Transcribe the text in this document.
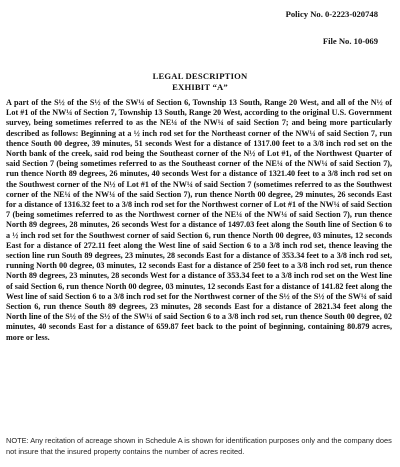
Policy No. 0-2223-020748
File No. 10-069
LEGAL DESCRIPTION
EXHIBIT “A”

A part of the S½ of the S½ of the SW¼ of Section 6, Township 13 South, Range 20 West, and all of the N½ of Lot #1 of the NW¼ of Section 7, Township 13 South, Range 20 West, according to the original U.S. Government survey, being sometimes referred to as the NE¼ of the NW¼ of said Section 7; and being more particularly described as follows: Beginning at a ½ inch rod set for the Northeast corner of the NW¼ of said Section 7, run thence South 00 degree, 39 minutes, 51 seconds West for a distance of 1317.00 feet to a 3/8 inch rod set on the North bank of the creek, said rod being the Southeast corner of the N½ of Lot #1, of the Northwest Quarter of said Section 7 (being sometimes referred to as the Southeast corner of the NE¼ of the NW¼ of said Section 7), run thence North 89 degrees, 26 minutes, 40 seconds West for a distance of 1321.40 feet to a 3/8 inch rod set on the Southwest corner of the N½ of Lot #1 of the NW¼ of said Section 7 (sometimes referred to as the Southwest corner of the NE¼ of the NW¼ of the said Section 7), run thence North 00 degree, 29 minutes, 26 seconds East for a distance of 1316.32 feet to a 3/8 inch rod set for the Northwest corner of Lot #1 of the NW¼ of said Section 7 (being sometimes referred to as the Northwest corner of the NE¼ of the NW¼ of said Section 7), run thence North 89 degrees, 28 minutes, 26 seconds West for a distance of 1497.03 feet along the South line of Section 6 to a ½ inch rod set for the Southwest corner of said Section 6, run thence North 00 degree, 03 minutes, 12 seconds East for a distance of 272.11 feet along the West line of said Section 6 to a 3/8 inch rod set, thence leaving the section line run South 89 degrees, 23 minutes, 28 seconds East for a distance of 353.34 feet to a 3/8 inch rod set, running North 00 degree, 03 minutes, 12 seconds East for a distance of 250 feet to a 3/8 inch rod set, run thence North 89 degrees, 23 minutes, 28 seconds West for a distance of 353.34 feet to a 3/8 inch rod set on the West line of said Section 6, run thence North 00 degree, 03 minutes, 12 seconds East for a distance of 141.82 feet along the West line of said Section 6 to a 3/8 inch rod set for the Northwest corner of the S½ of the S½ of the SW¼ of said Section 6, run thence South 89 degrees, 23 minutes, 28 seconds East for a distance of 2821.34 feet along the North line of the S½ of the S½ of the SW¼ of said Section 6 to a 3/8 inch rod set, run thence South 00 degree, 02 minutes, 40 seconds East for a distance of 659.87 feet back to the point of beginning, containing 80.879 acres, more or less.

NOTE: Any recitation of acreage shown in Schedule A is shown for identification purposes only and the company does not insure that the insured property contains the number of acres recited.
